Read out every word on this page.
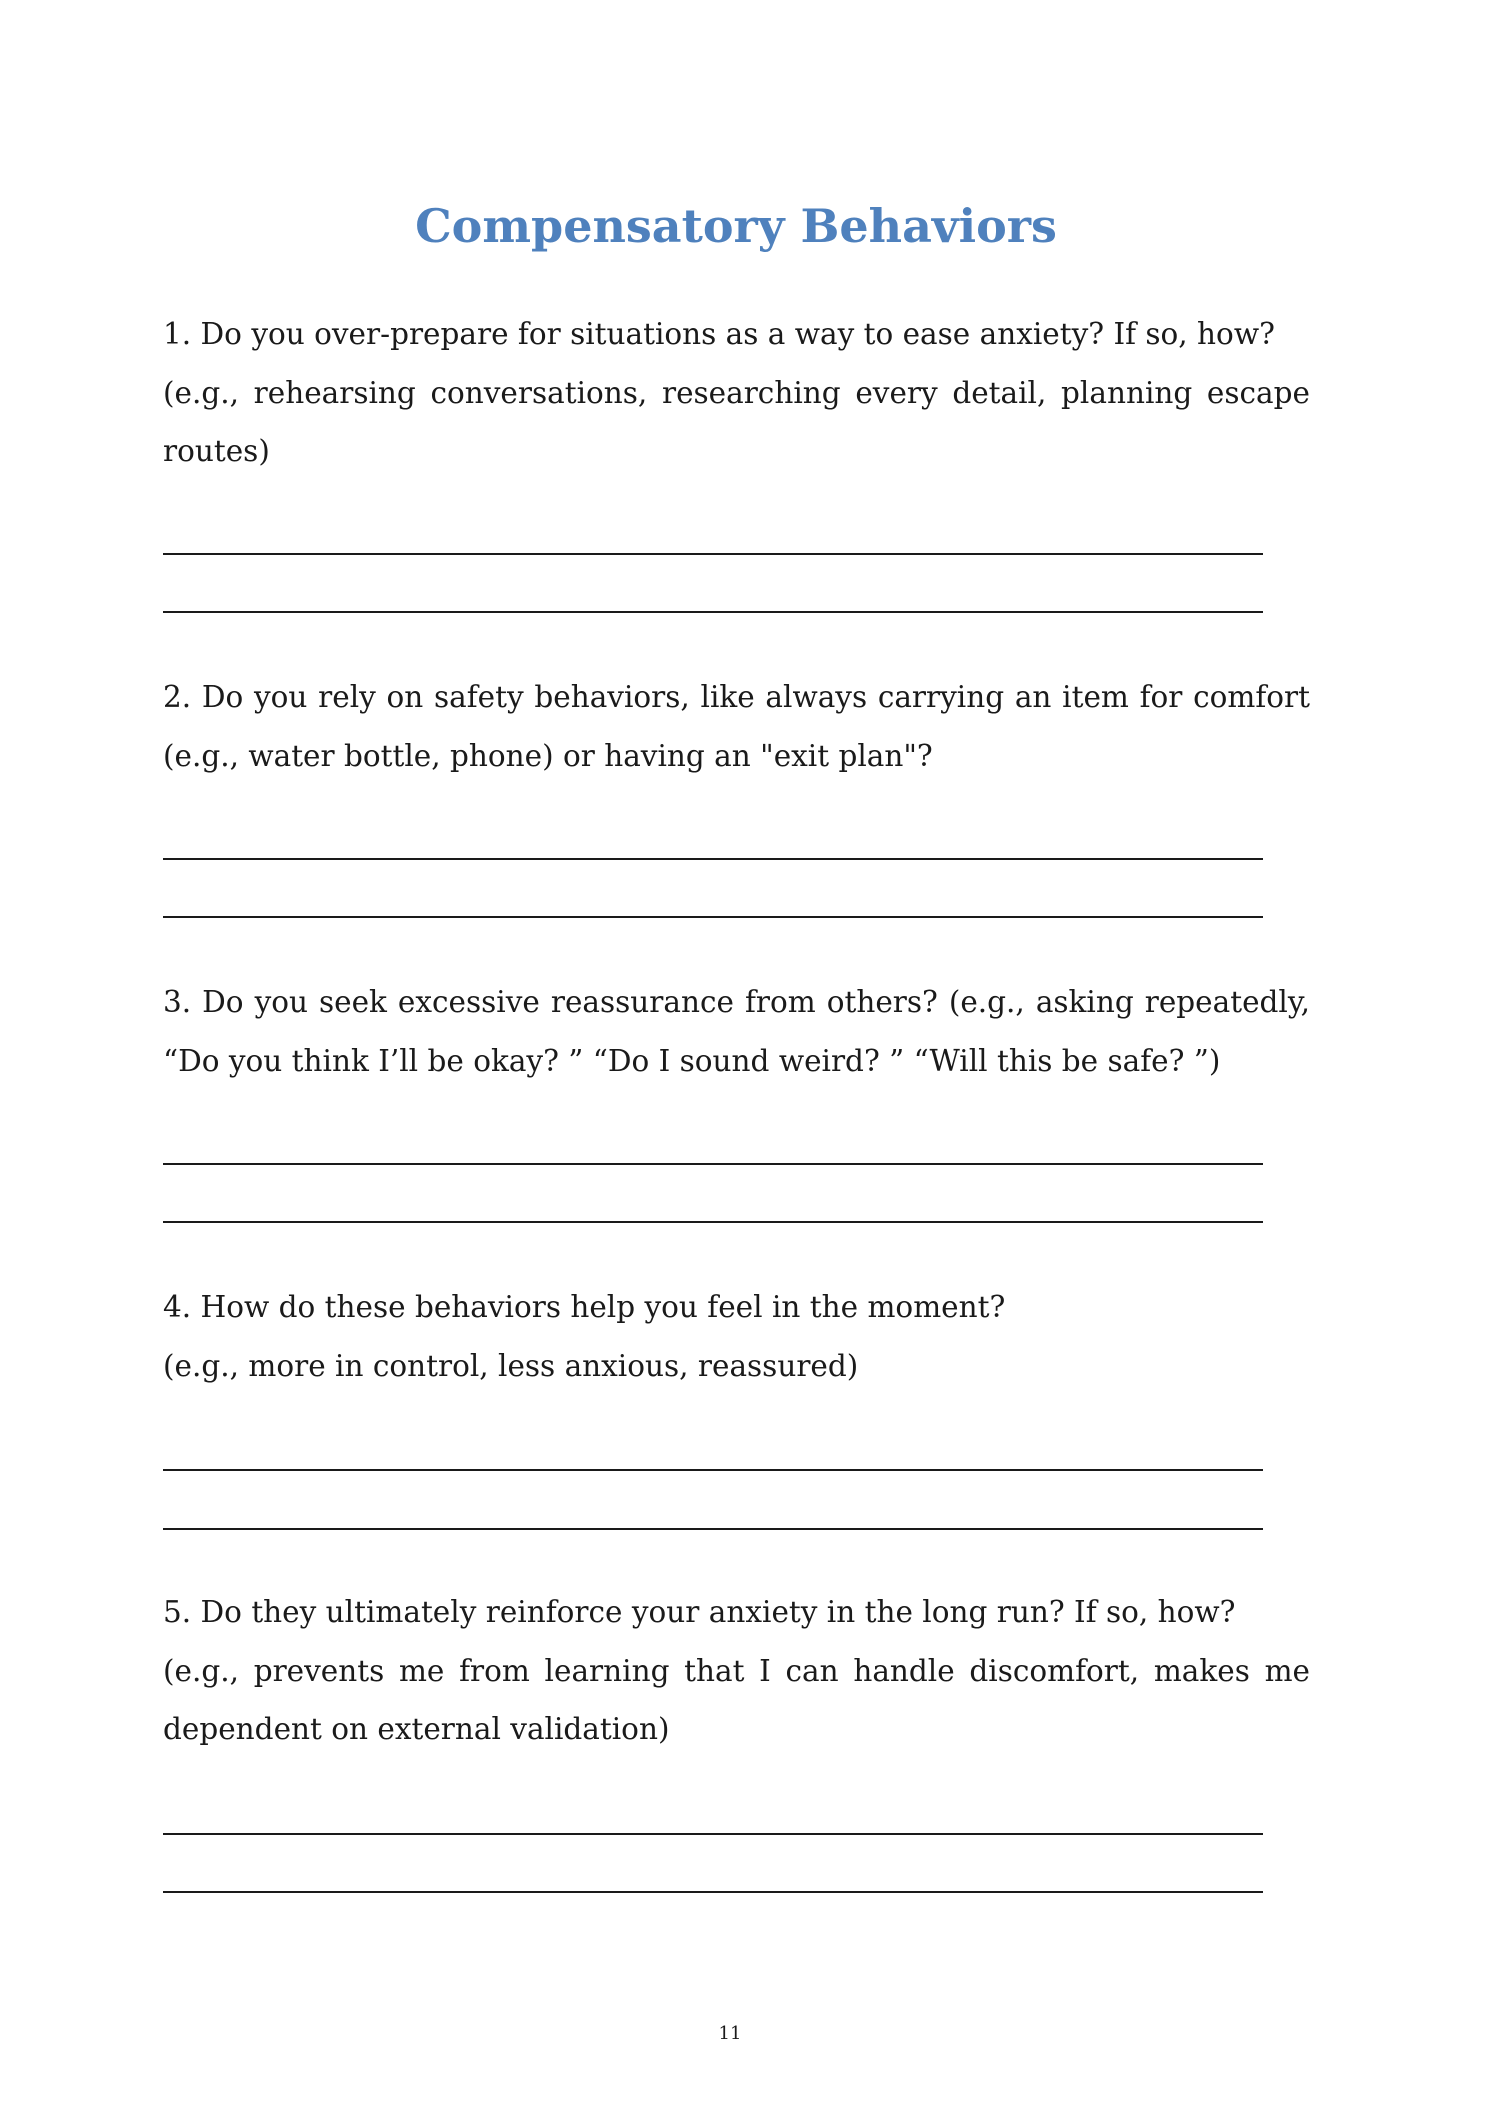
Compensatory Behaviors

1. Do you over-prepare for situations as a way to ease anxiety? If so, how?

(e.g., rehearsing conversations, researching every detail, planning escape routes)

2. Do you rely on safety behaviors, like always carrying an item for comfort (e.g., water bottle, phone) or having an "exit plan"?

3. Do you seek excessive reassurance from others? (e.g., asking repeatedly, “Do you think I’ll be okay? ” “Do I sound weird? ” “Will this be safe? ”)

4. How do these behaviors help you feel in the moment?

(e.g., more in control, less anxious, reassured)

5. Do they ultimately reinforce your anxiety in the long run? If so, how?

(e.g., prevents me from learning that I can handle discomfort, makes me dependent on external validation)

11
